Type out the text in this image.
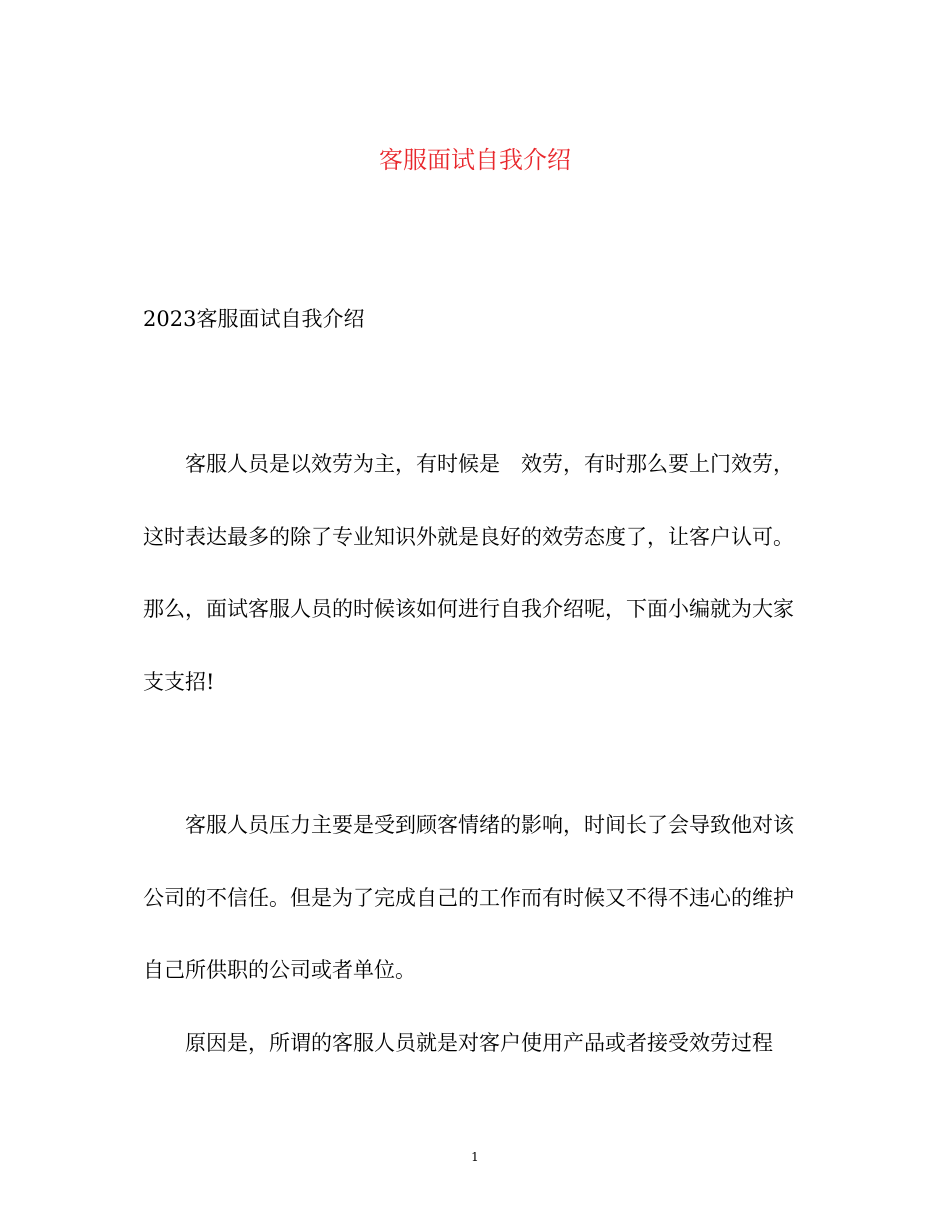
客服面试自我介绍
2023客服面试自我介绍

客服人员是以效劳为主，有时候是　效劳，有时那么要上门效劳，这时表达最多的除了专业知识外就是良好的效劳态度了，让客户认可。那么，面试客服人员的时候该如何进行自我介绍呢，下面小编就为大家支支招!

客服人员压力主要是受到顾客情绪的影响，时间长了会导致他对该公司的不信任。但是为了完成自己的工作而有时候又不得不违心的维护自己所供职的公司或者单位。

原因是，所谓的客服人员就是对客户使用产品或者接受效劳过程

1
